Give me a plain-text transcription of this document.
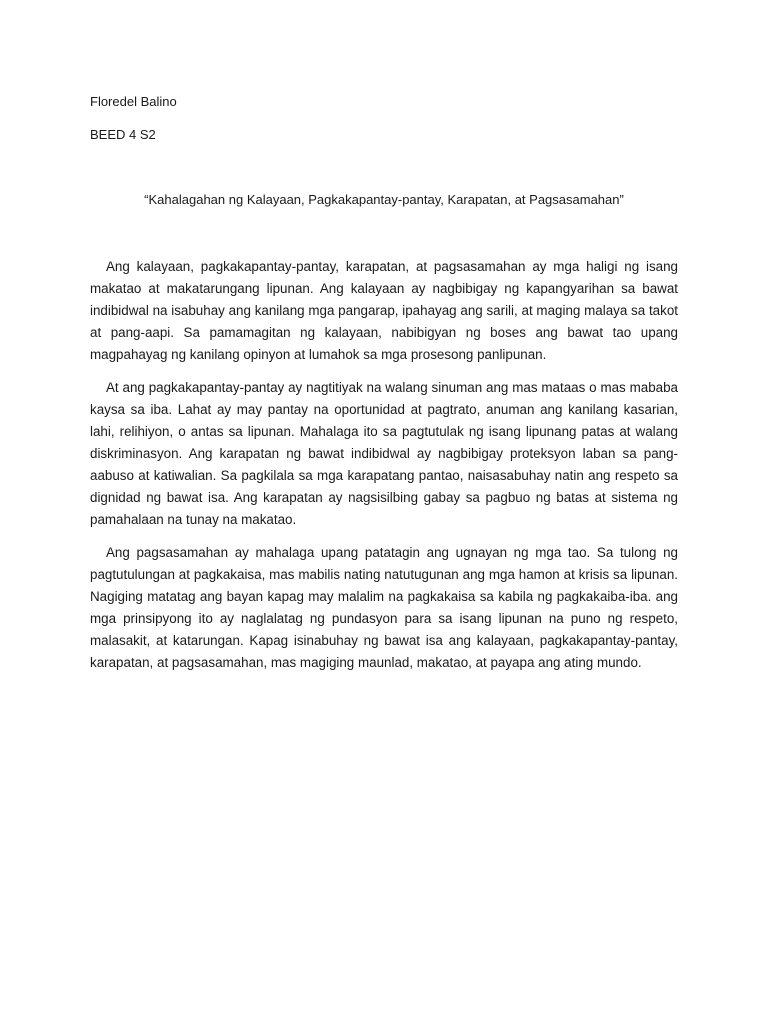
Floredel Balino
BEED 4 S2
“Kahalagahan ng Kalayaan, Pagkakapantay-pantay, Karapatan, at Pagsasamahan”

Ang kalayaan, pagkakapantay-pantay, karapatan, at pagsasamahan ay mga haligi ng isang makatao at makatarungang lipunan. Ang kalayaan ay nagbibigay ng kapangyarihan sa bawat indibidwal na isabuhay ang kanilang mga pangarap, ipahayag ang sarili, at maging malaya sa takot at pang-aapi. Sa pamamagitan ng kalayaan, nabibigyan ng boses ang bawat tao upang magpahayag ng kanilang opinyon at lumahok sa mga prosesong panlipunan.

At ang pagkakapantay-pantay ay nagtitiyak na walang sinuman ang mas mataas o mas mababa kaysa sa iba. Lahat ay may pantay na oportunidad at pagtrato, anuman ang kanilang kasarian, lahi, relihiyon, o antas sa lipunan. Mahalaga ito sa pagtutulak ng isang lipunang patas at walang diskriminasyon. Ang karapatan ng bawat indibidwal ay nagbibigay proteksyon laban sa pang-aabuso at katiwalian. Sa pagkilala sa mga karapatang pantao, naisasabuhay natin ang respeto sa dignidad ng bawat isa. Ang karapatan ay nagsisilbing gabay sa pagbuo ng batas at sistema ng pamahalaan na tunay na makatao.

Ang pagsasamahan ay mahalaga upang patatagin ang ugnayan ng mga tao. Sa tulong ng pagtutulungan at pagkakaisa, mas mabilis nating natutugunan ang mga hamon at krisis sa lipunan. Nagiging matatag ang bayan kapag may malalim na pagkakaisa sa kabila ng pagkakaiba-iba. ang mga prinsipyong ito ay naglalatag ng pundasyon para sa isang lipunan na puno ng respeto, malasakit, at katarungan. Kapag isinabuhay ng bawat isa ang kalayaan, pagkakapantay-pantay, karapatan, at pagsasamahan, mas magiging maunlad, makatao, at payapa ang ating mundo.
